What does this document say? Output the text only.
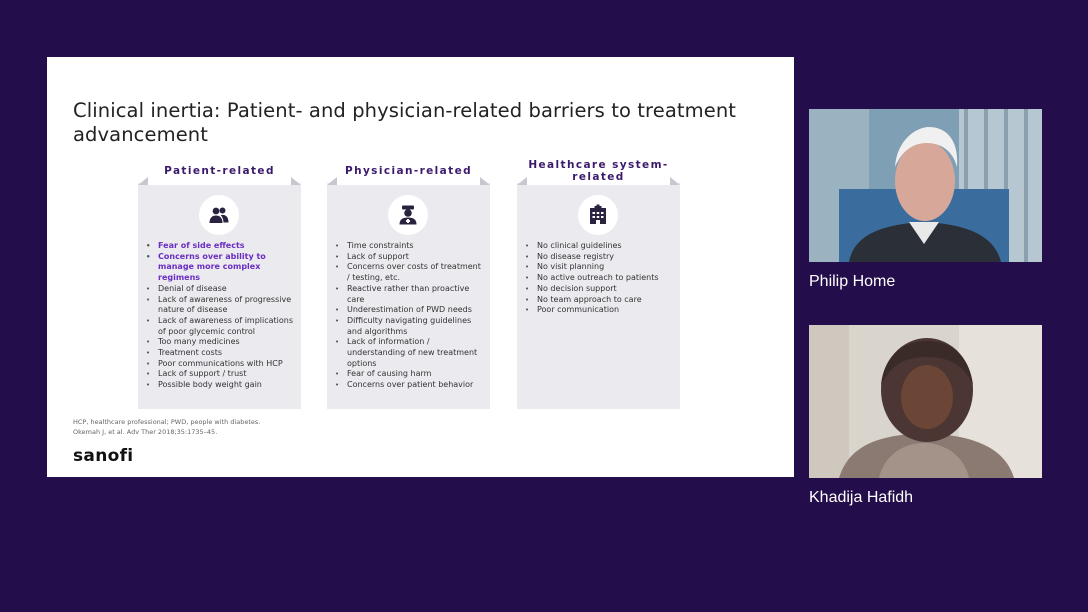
Clinical inertia: Patient- and physician-related barriers to treatment advancement
Patient-related
• Fear of side effects
• Concerns over ability to manage more complex regimens
• Denial of disease
• Lack of awareness of progressive nature of disease
• Lack of awareness of implications of poor glycemic control
• Too many medicines
• Treatment costs
• Poor communications with HCP
• Lack of support / trust
• Possible body weight gain
Physician-related
• Time constraints
• Lack of support
• Concerns over costs of treatment / testing, etc.
• Reactive rather than proactive care
• Underestimation of PWD needs
• Difficulty navigating guidelines and algorithms
• Lack of information / understanding of new treatment options
• Fear of causing harm
• Concerns over patient behavior
Healthcare system-related
• No clinical guidelines
• No disease registry
• No visit planning
• No active outreach to patients
• No decision support
• No team approach to care
• Poor communication

HCP, healthcare professional; PWD, people with diabetes.

Okemah J, et al. Adv Ther 2018;35:1735–45.

sanofi
Philip Home
Khadija Hafidh
